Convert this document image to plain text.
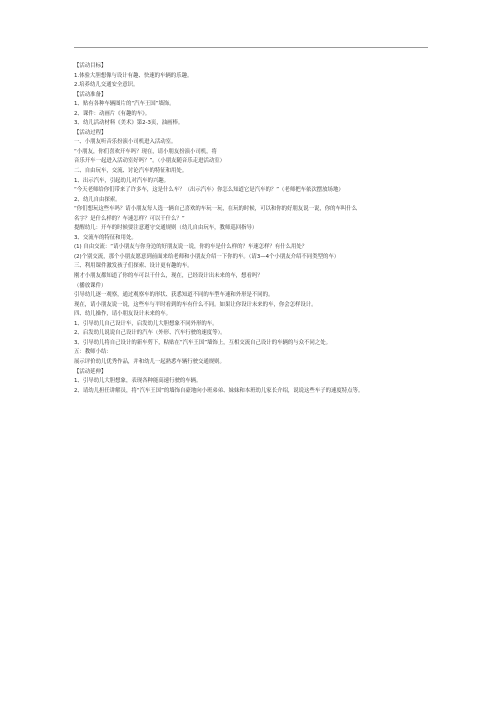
【活动目标】
1.体验大胆想像与设计有趣、快速的车辆的乐趣。
2.培养幼儿交通安全意识。
【活动准备】
1、贴有各种车辆图片的“汽车王国”墙饰。
2、课件：动画片《有趣的车》。
3、幼儿活动材料《美术》第2-3页，油画棒。
【活动过程】
一、小朋友听音乐扮演小司机进入活动室。
“小朋友，你们喜欢开车吗？现在，请小朋友扮演小司机，将
音乐开车一起进入活动室好吗？”。（小朋友随音乐走进活动室）
二、自由玩车，交流、讨论汽车的特征和用处。
1、出示汽车，引起幼儿对汽车的兴趣。
“今天老师给你们带来了许多车，这是什么车？（出示汽车）你怎么知道它是汽车的？”（老师把车依次摆放场地）
2、幼儿自由探索。
“你们想玩这些车吗？请小朋友每人选一辆自己喜欢的车玩一玩，在玩的时候，可以和你的好朋友说一说，你的车叫什么
名字？是什么样的？车速怎样？可以干什么？”
提醒幼儿：开车的时候要注意遵守交通规则（幼儿自由玩车，教师巡回指导）
3、交流车的特征和用处。
(1) 自由交流：“请小朋友与你身边的好朋友说一说，你的车是什么样的？车速怎样？有什么用处？
(2)个别交流，那个小朋友愿意到前面来给老师和小朋友介绍一下你的车。（请3—4个小朋友介绍不同类型的车）
三、利用课件激发孩子们探索、设计更有趣的车。
刚才小朋友都知道了你的车可以干什么，现在，已经设计出未来的车，想看吗？
（播放课件）
引导幼儿逐一观察，通过观察车的形状、获悉知道不同的车型车速和外形是不同的。
现在，请小朋友说一说，这些车与平时看到的车有什么不同。如果让你设计未来的车，你会怎样设计。
四、幼儿操作，请小朋友设计未来的车。
1、引导幼儿自己设计车，启发幼儿大胆想象不同外形的车。
2、启发幼儿说说自己设计的汽车（外形、汽车行驶的速度等）。
3、引导幼儿将自己设计的新车剪下，粘贴在“汽车王国”墙饰上，互相交流自己设计的车辆的与众不同之处。
五：教师小结：
展示评价幼儿优秀作品，并和幼儿一起熟悉车辆行驶交通规则。
【活动延伸】
1、引导幼儿大胆想象，表现各种能高速行驶的车辆。
2、请幼儿担任讲解员，将“汽车王国”的墙饰自豪地向小班弟弟、妹妹和本班幼儿家长介绍，说说这些车子的速度特点等。
